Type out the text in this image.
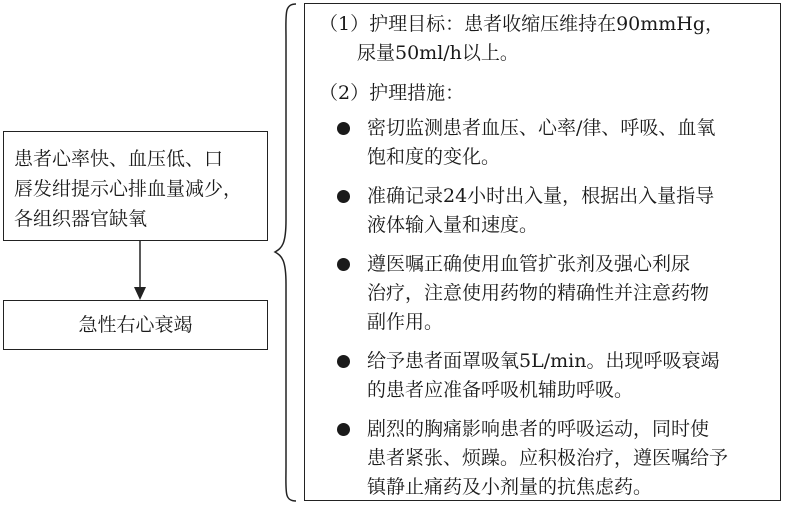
患者心率快、血压低、口
唇发绀提示心排血量减少，
各组织器官缺氧
急性右心衰竭
（1）护理目标：患者收缩压维持在90mmHg，
尿量50ml/h以上。
（2）护理措施：
密切监测患者血压、心率/律、呼吸、血氧
饱和度的变化。
准确记录24小时出入量，根据出入量指导
液体输入量和速度。
遵医嘱正确使用血管扩张剂及强心利尿
治疗，注意使用药物的精确性并注意药物
副作用。
给予患者面罩吸氧5L/min。出现呼吸衰竭
的患者应准备呼吸机辅助呼吸。
剧烈的胸痛影响患者的呼吸运动，同时使
患者紧张、烦躁。应积极治疗，遵医嘱给予
镇静止痛药及小剂量的抗焦虑药。
